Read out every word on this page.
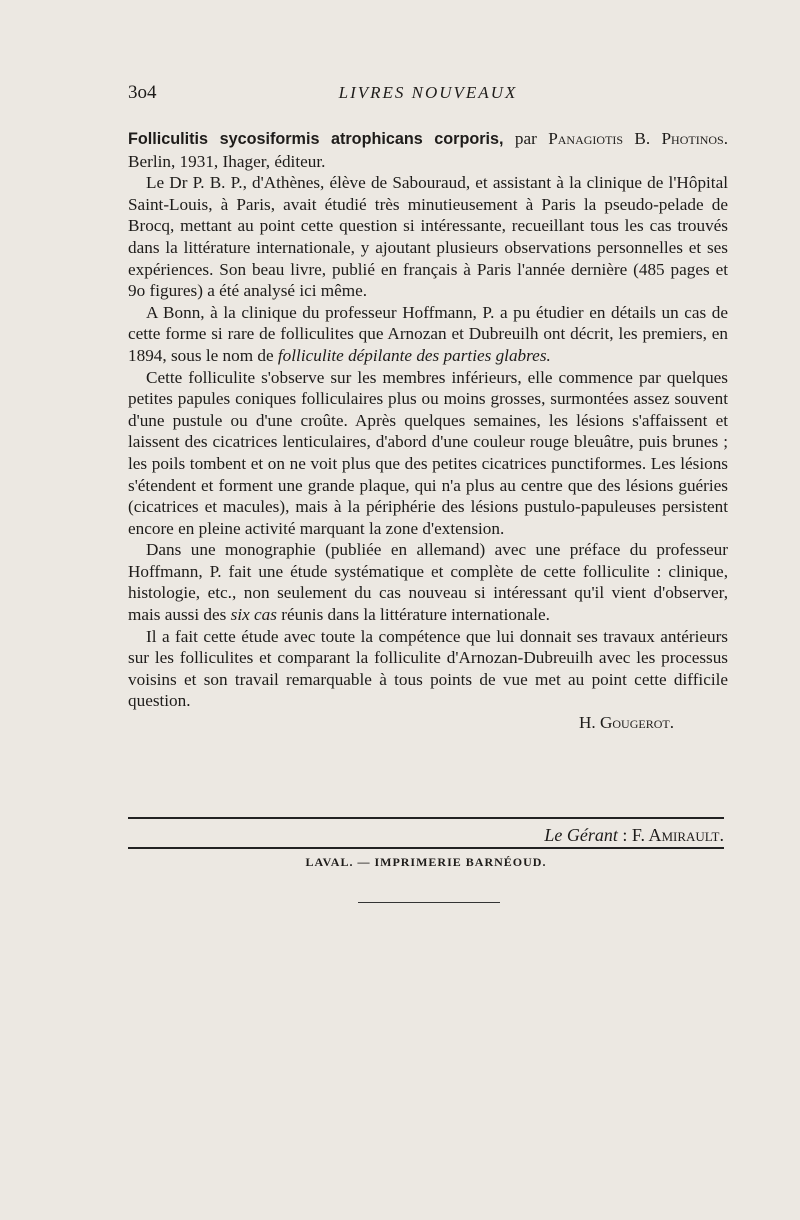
3o4	LIVRES NOUVEAUX

Folliculitis sycosiformis atrophicans corporis, par Panagiotis B. Photinos. Berlin, 1931, Ihager, éditeur.

Le Dr P. B. P., d'Athènes, élève de Sabouraud, et assistant à la clinique de l'Hôpital Saint-Louis, à Paris, avait étudié très minutieusement à Paris la pseudo-pelade de Brocq, mettant au point cette question si intéressante, recueillant tous les cas trouvés dans la littérature internationale, y ajoutant plusieurs observations personnelles et ses expériences. Son beau livre, publié en français à Paris l'année dernière (485 pages et 9o figures) a été analysé ici même.

A Bonn, à la clinique du professeur Hoffmann, P. a pu étudier en détails un cas de cette forme si rare de folliculites que Arnozan et Dubreuilh ont décrit, les premiers, en 1894, sous le nom de folliculite dépilante des parties glabres.

Cette folliculite s'observe sur les membres inférieurs, elle commence par quelques petites papules coniques folliculaires plus ou moins grosses, surmontées assez souvent d'une pustule ou d'une croûte. Après quelques semaines, les lésions s'affaissent et laissent des cicatrices lenticulaires, d'abord d'une couleur rouge bleuâtre, puis brunes ; les poils tombent et on ne voit plus que des petites cicatrices punctiformes. Les lésions s'étendent et forment une grande plaque, qui n'a plus au centre que des lésions guéries (cicatrices et macules), mais à la périphérie des lésions pustulo-papuleuses persistent encore en pleine activité marquant la zone d'extension.

Dans une monographie (publiée en allemand) avec une préface du professeur Hoffmann, P. fait une étude systématique et complète de cette folliculite : clinique, histologie, etc., non seulement du cas nouveau si intéressant qu'il vient d'observer, mais aussi des six cas réunis dans la littérature internationale.

Il a fait cette étude avec toute la compétence que lui donnait ses travaux antérieurs sur les folliculites et comparant la folliculite d'Arnozan-Dubreuilh avec les processus voisins et son travail remarquable à tous points de vue met au point cette difficile question.

H. Gougerot.

Le Gérant : F. Amirault.
LAVAL. — IMPRIMERIE BARNÉOUD.
